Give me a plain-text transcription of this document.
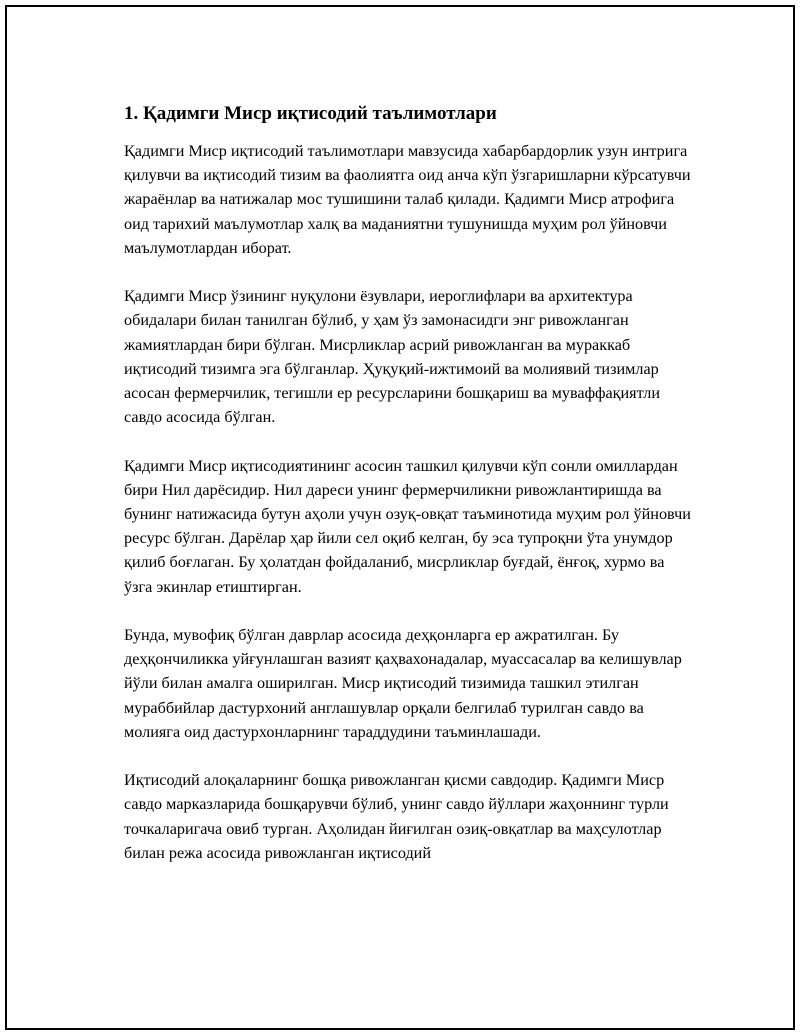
1. Қадимги Миср иқтисодий таълимотлари

Қадимги Миср иқтисодий таълимотлари мавзусида хабарбардорлик узун интрига қилувчи ва иқтисодий тизим ва фаолиятга оид анча кўп ўзгаришларни кўрсатувчи жараёнлар ва натижалар мос тушишини талаб қилади. Қадимги Миср атрофига оид тарихий маълумотлар халқ ва маданиятни тушунишда муҳим рол ўйновчи маълумотлардан иборат.

Қадимги Миср ўзининг нуқулони ёзувлари, иероглифлари ва архитектура обидалари билан танилган бўлиб, у ҳам ўз замонасидги энг ривожланган жамиятлардан бири бўлган. Мисрликлар асрий ривожланган ва мураккаб иқтисодий тизимга эга бўлганлар. Ҳуқуқий-ижтимоий ва молиявий тизимлар асосан фермерчилик, тегишли ер ресурсларини бошқариш ва муваффақиятли савдо асосида бўлган.

Қадимги Миср иқтисодиятининг асосин ташкил қилувчи кўп сонли омиллардан бири Нил дарёсидир. Нил дареси унинг фермерчиликни ривожлантиришда ва бунинг натижасида бутун аҳоли учун озуқ-овқат таъминотида муҳим рол ўйновчи ресурс бўлган. Дарёлар ҳар йили сел оқиб келган, бу эса тупроқни ўта унумдор қилиб боғлаган. Бу ҳолатдан фойдаланиб, мисрликлар буғдай, ёнғоқ, хурмо ва ўзга экинлар етиштирган.

Бунда, мувофиқ бўлган даврлар асосида деҳқонларга ер ажратилган. Бу деҳқончиликка уйғунлашган вазият қаҳвахонадалар, муассасалар ва келишувлар йўли билан амалга оширилган. Миср иқтисодий тизимида ташкил этилган мураббийлар дастурхоний англашувлар орқали белгилаб турилган савдо ва молияга оид дастурхонларнинг тараддудини таъминлашади.

Иқтисодий алоқаларнинг бошқа ривожланган қисми савдодир. Қадимги Миср савдо марказларида бошқарувчи бўлиб, унинг савдо йўллари жаҳоннинг турли точкаларигача овиб турган. Аҳолидан йиғилган озиқ-овқатлар ва маҳсулотлар билан режа асосида ривожланган иқтисодий
